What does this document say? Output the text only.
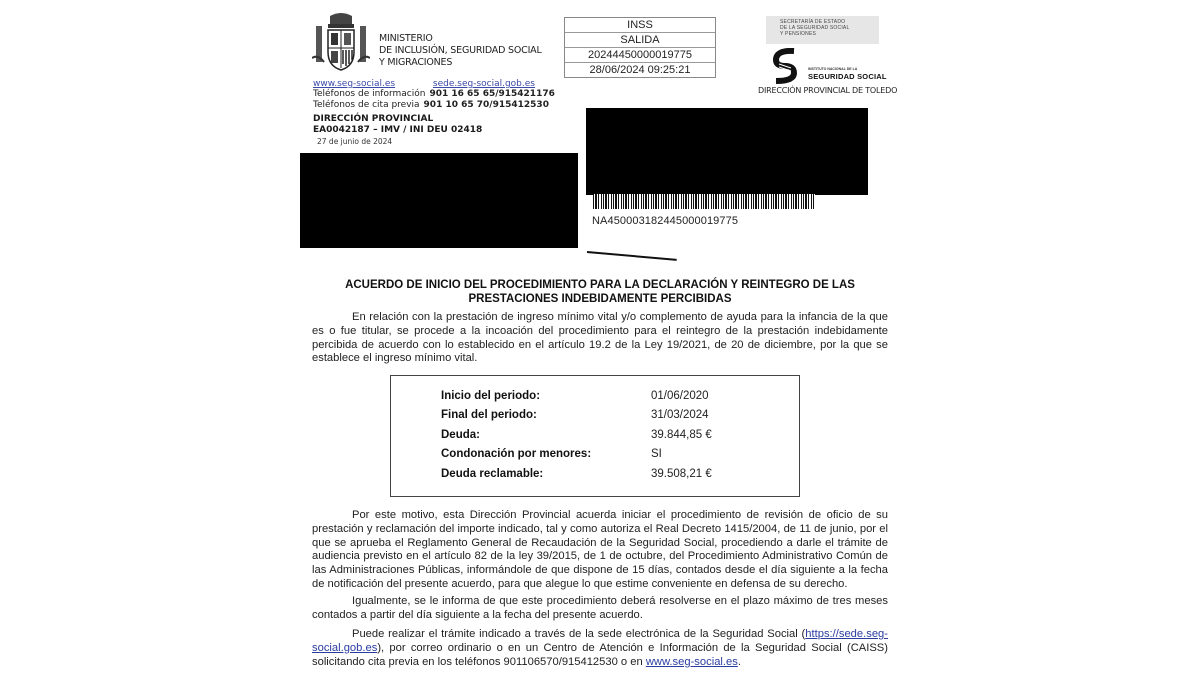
MINISTERIO
DE INCLUSIÓN, SEGURIDAD SOCIAL
Y MIGRACIONES
www.seg-social.es	sede.seg-social.gob.es
Teléfonos de información 901 16 65 65/915421176
Teléfonos de cita previa 901 10 65 70/915412530
DIRECCIÓN PROVINCIAL
EA0042187 – IMV / INI DEU 02418
27 de junio de 2024
INSS
SALIDA
20244450000019775
28/06/2024 09:25:21
SECRETARÍA DE ESTADO
DE LA SEGURIDAD SOCIAL
Y PENSIONES
INSTITUTO NACIONAL DE LA
SEGURIDAD SOCIAL
DIRECCIÓN PROVINCIAL DE TOLEDO
NA450003182445000019775
ACUERDO DE INICIO DEL PROCEDIMIENTO PARA LA DECLARACIÓN Y REINTEGRO DE LAS
PRESTACIONES INDEBIDAMENTE PERCIBIDAS
En relación con la prestación de ingreso mínimo vital y/o complemento de ayuda para la infancia de la que es o fue titular, se procede a la incoación del procedimiento para el reintegro de la prestación indebidamente percibida de acuerdo con lo establecido en el artículo 19.2 de la Ley 19/2021, de 20 de diciembre, por la que se establece el ingreso mínimo vital.
Inicio del periodo:	01/06/2020
Final del periodo:	31/03/2024
Deuda:	39.844,85 €
Condonación por menores:	SI
Deuda reclamable:	39.508,21 €
Por este motivo, esta Dirección Provincial acuerda iniciar el procedimiento de revisión de oficio de su prestación y reclamación del importe indicado, tal y como autoriza el Real Decreto 1415/2004, de 11 de junio, por el que se aprueba el Reglamento General de Recaudación de la Seguridad Social, procediendo a darle el trámite de audiencia previsto en el artículo 82 de la ley 39/2015, de 1 de octubre, del Procedimiento Administrativo Común de las Administraciones Públicas, informándole de que dispone de 15 días, contados desde el día siguiente a la fecha de notificación del presente acuerdo, para que alegue lo que estime conveniente en defensa de su derecho.
Igualmente, se le informa de que este procedimiento deberá resolverse en el plazo máximo de tres meses contados a partir del día siguiente a la fecha del presente acuerdo.
Puede realizar el trámite indicado a través de la sede electrónica de la Seguridad Social (https://sede.seg-social.gob.es), por correo ordinario o en un Centro de Atención e Información de la Seguridad Social (CAISS) solicitando cita previa en los teléfonos 901106570/915412530 o en www.seg-social.es.
